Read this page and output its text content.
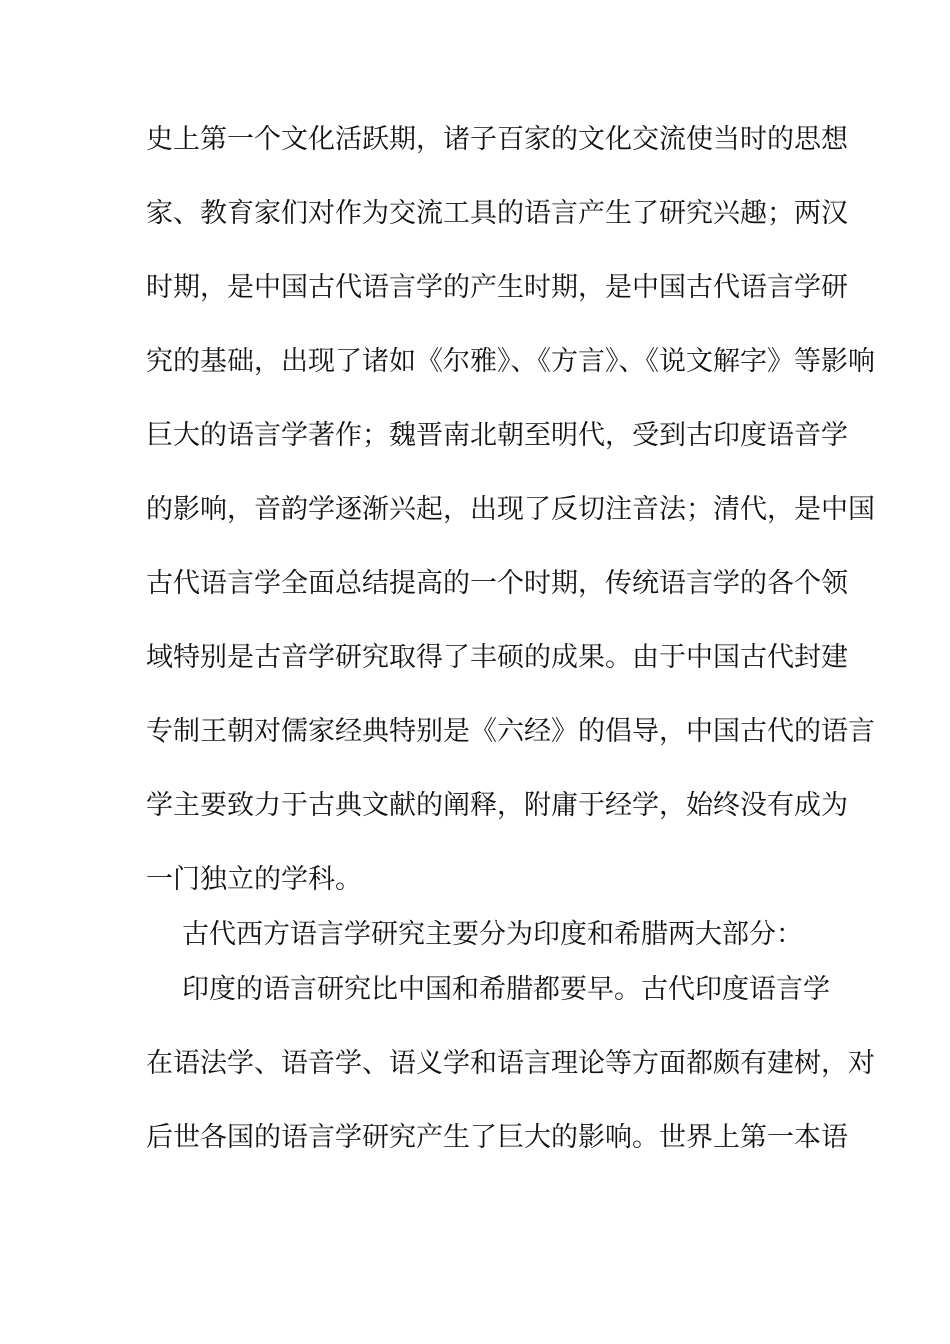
史上第一个文化活跃期，诸子百家的文化交流使当时的思想
家、教育家们对作为交流工具的语言产生了研究兴趣；两汉
时期，是中国古代语言学的产生时期，是中国古代语言学研
究的基础，出现了诸如《尔雅》、《方言》、《说文解字》等影响
巨大的语言学著作；魏晋南北朝至明代，受到古印度语音学
的影响，音韵学逐渐兴起，出现了反切注音法；清代，是中国
古代语言学全面总结提高的一个时期，传统语言学的各个领
域特别是古音学研究取得了丰硕的成果。由于中国古代封建
专制王朝对儒家经典特别是《六经》的倡导，中国古代的语言
学主要致力于古典文献的阐释，附庸于经学，始终没有成为
一门独立的学科。
古代西方语言学研究主要分为印度和希腊两大部分：
印度的语言研究比中国和希腊都要早。古代印度语言学
在语法学、语音学、语义学和语言理论等方面都颇有建树，对
后世各国的语言学研究产生了巨大的影响。世界上第一本语
